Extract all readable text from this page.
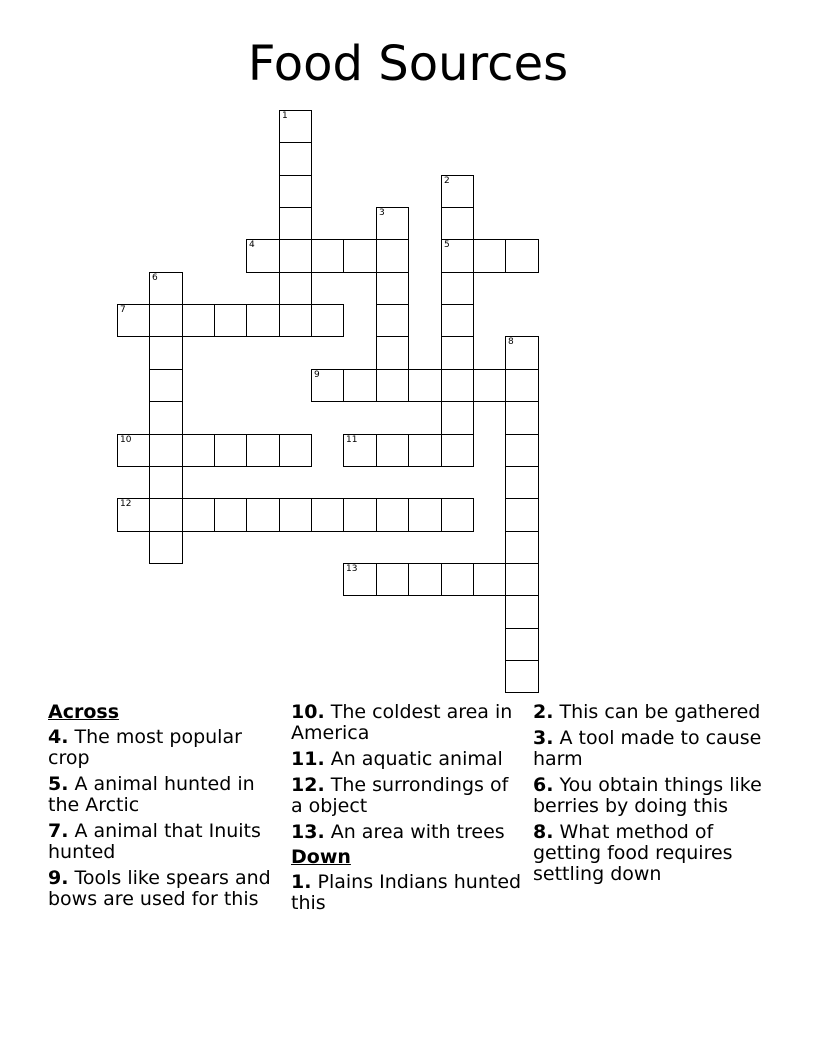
Food Sources
1
2
5
3
4
6
7
8
9
10	11
12
13
Across
4. The most popular crop
5. A animal hunted in the Arctic
7. A animal that Inuits hunted
9. Tools like spears and bows are used for this
10. The coldest area in America
11. An aquatic animal
12. The surrondings of a object
13. An area with trees
Down
1. Plains Indians hunted this
2. This can be gathered
3. A tool made to cause harm
6. You obtain things like berries by doing this
8. What method of getting food requires settling down
